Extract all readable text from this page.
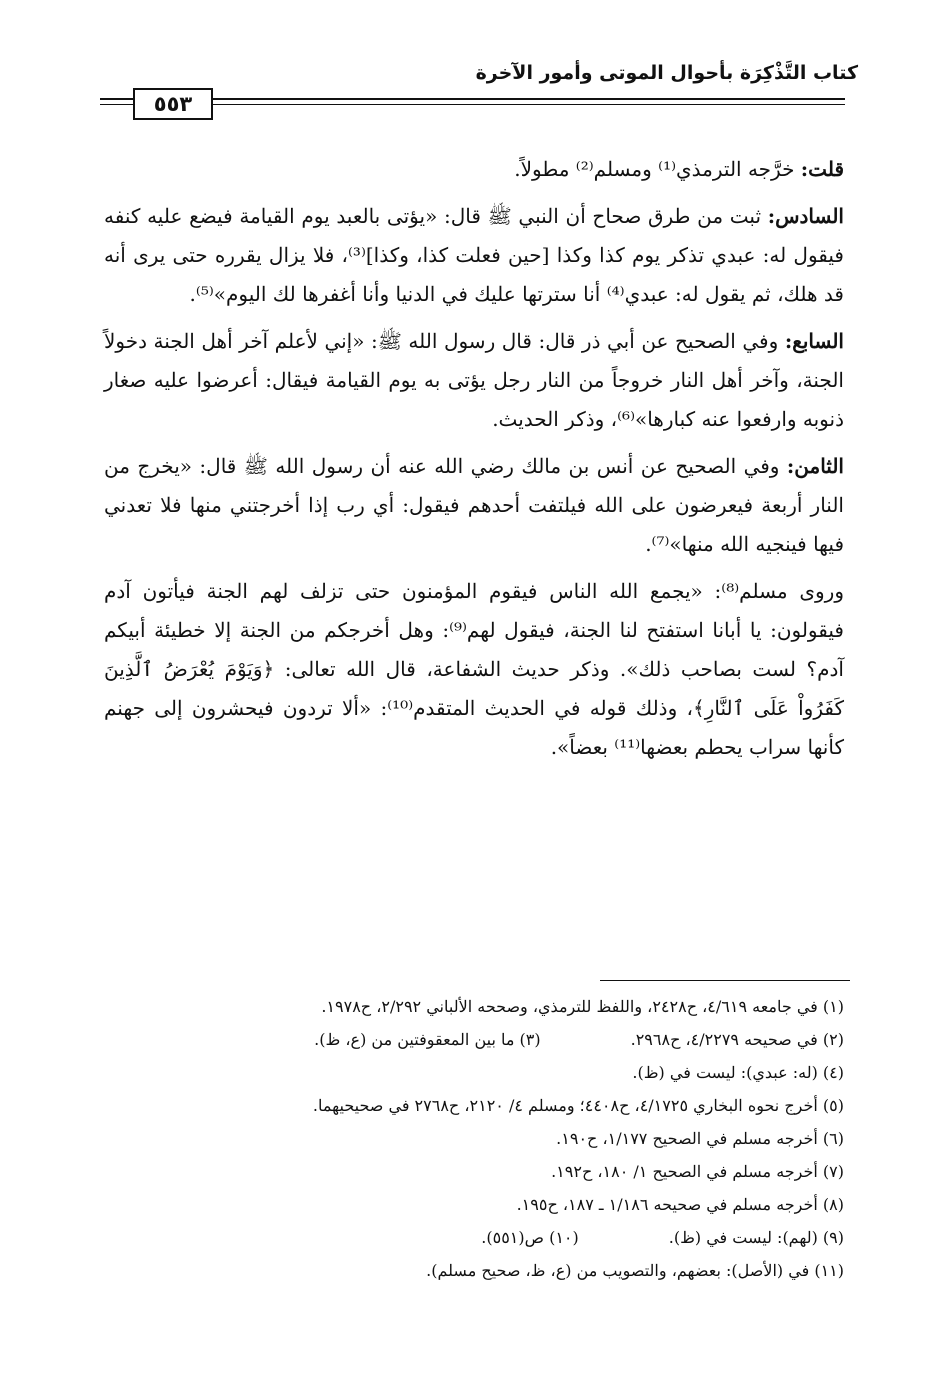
كتاب التَّذْكِرَة بأحوال الموتى وأمور الآخرة
٥٥٣

قلت: خرَّجه الترمذي⁽¹⁾ ومسلم⁽²⁾ مطولاً.

السادس: ثبت من طرق صحاح أن النبي ﷺ قال: «يؤتى بالعبد يوم القيامة فيضع عليه كنفه فيقول له: عبدي تذكر يوم كذا وكذا [حين فعلت كذا، وكذا]⁽³⁾، فلا يزال يقرره حتى يرى أنه قد هلك، ثم يقول له: عبدي⁽⁴⁾ أنا سترتها عليك في الدنيا وأنا أغفرها لك اليوم»⁽⁵⁾.

السابع: وفي الصحيح عن أبي ذر قال: قال رسول الله ﷺ: «إني لأعلم آخر أهل الجنة دخولاً الجنة، وآخر أهل النار خروجاً من النار رجل يؤتى به يوم القيامة فيقال: أعرضوا عليه صغار ذنوبه وارفعوا عنه كبارها»⁽⁶⁾، وذكر الحديث.

الثامن: وفي الصحيح عن أنس بن مالك رضي الله عنه أن رسول الله ﷺ قال: «يخرج من النار أربعة فيعرضون على الله فيلتفت أحدهم فيقول: أي رب إذا أخرجتني منها فلا تعدني فيها فينجيه الله منها»⁽⁷⁾.

وروى مسلم⁽⁸⁾: «يجمع الله الناس فيقوم المؤمنون حتى تزلف لهم الجنة فيأتون آدم فيقولون: يا أبانا استفتح لنا الجنة، فيقول لهم⁽⁹⁾: وهل أخرجكم من الجنة إلا خطيئة أبيكم آدم؟ لست بصاحب ذلك». وذكر حديث الشفاعة، قال الله تعالى: ﴿وَيَوْمَ يُعْرَضُ ٱلَّذِينَ كَفَرُواْ عَلَى ٱلنَّارِ﴾، وذلك قوله في الحديث المتقدم⁽¹⁰⁾: «ألا تردون فيحشرون إلى جهنم كأنها سراب يحطم بعضها⁽¹¹⁾ بعضاً».

(١) في جامعه ٤/٦١٩، ح٢٤٢٨، واللفظ للترمذي، وصححه الألباني ٢/٢٩٢، ح١٩٧٨.
(٢) في صحيحه ٤/٢٢٧٩، ح٢٩٦٨.(٣) ما بين المعقوفتين من (ع، ظ).
(٤) (له: عبدي): ليست في (ظ).
(٥) أخرج نحوه البخاري ٤/١٧٢٥، ح٤٤٠٨؛ ومسلم ٤/ ٢١٢٠، ح٢٧٦٨ في صحيحيهما.
(٦) أخرجه مسلم في الصحيح ١/١٧٧، ح١٩٠.
(٧) أخرجه مسلم في الصحيح ١/ ١٨٠، ح١٩٢.
(٨) أخرجه مسلم في صحيحه ١/١٨٦ ـ ١٨٧، ح١٩٥.
(٩) (لهم): ليست في (ظ).(١٠) ص(٥٥١).
(١١) في (الأصل): بعضهم، والتصويب من (ع، ظ، صحيح مسلم).
